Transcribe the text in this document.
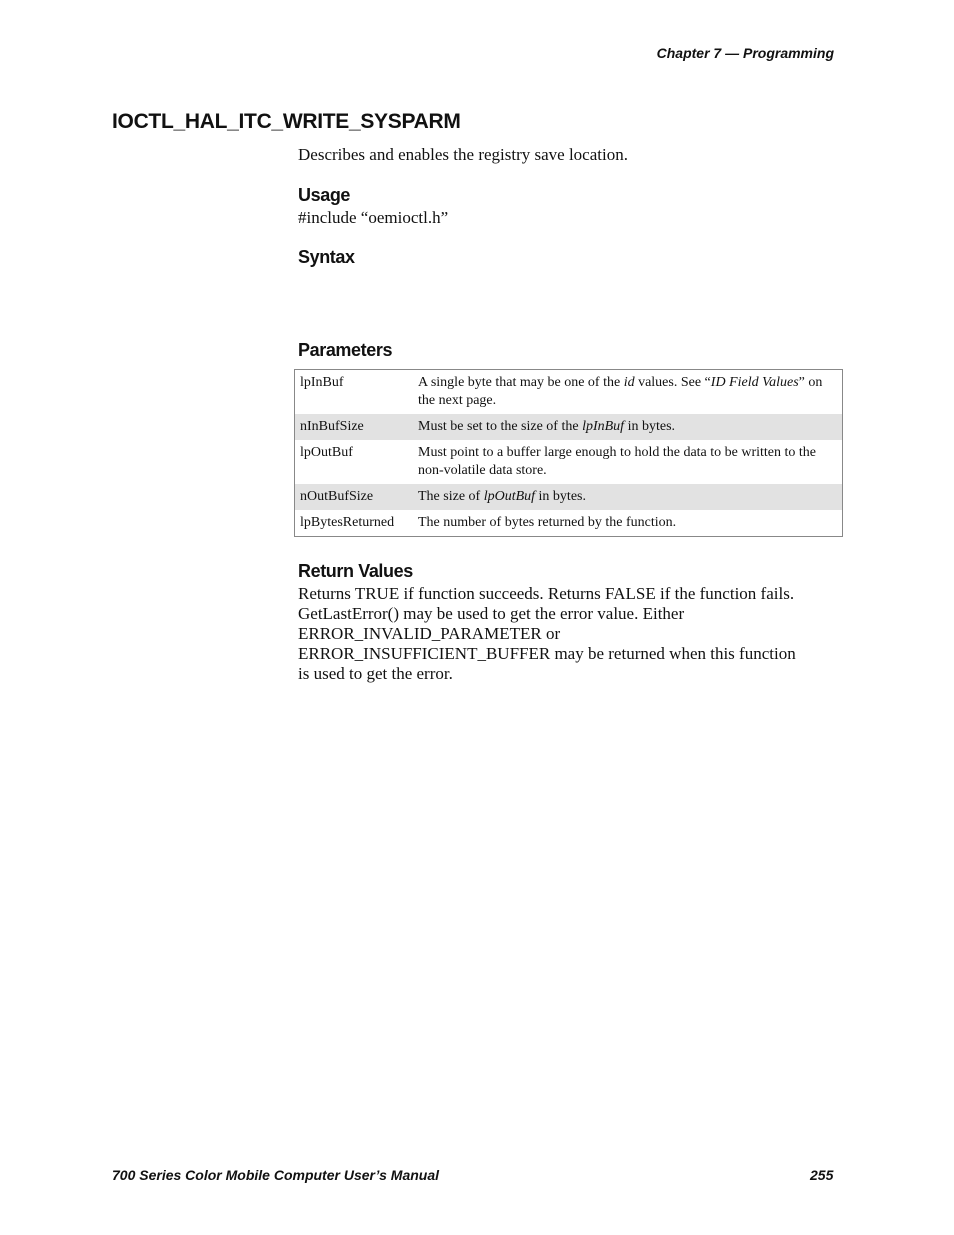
Chapter 7 — Programming
IOCTL_HAL_ITC_WRITE_SYSPARM
Describes and enables the registry save location.
Usage
#include “oemioctl.h”
Syntax
Parameters
lpInBuf	A single byte that may be one of the id values. See “ID Field Values” on the next page.
nInBufSize	Must be set to the size of the lpInBuf in bytes.
lpOutBuf	Must point to a buffer large enough to hold the data to be written to the non-volatile data store.
nOutBufSize	The size of lpOutBuf in bytes.
lpBytesReturned	The number of bytes returned by the function.
Return Values
Returns TRUE if function succeeds. Returns FALSE if the function fails.
GetLastError() may be used to get the error value. Either
ERROR_INVALID_PARAMETER or
ERROR_INSUFFICIENT_BUFFER may be returned when this function
is used to get the error.
700 Series Color Mobile Computer User’s Manual	255
